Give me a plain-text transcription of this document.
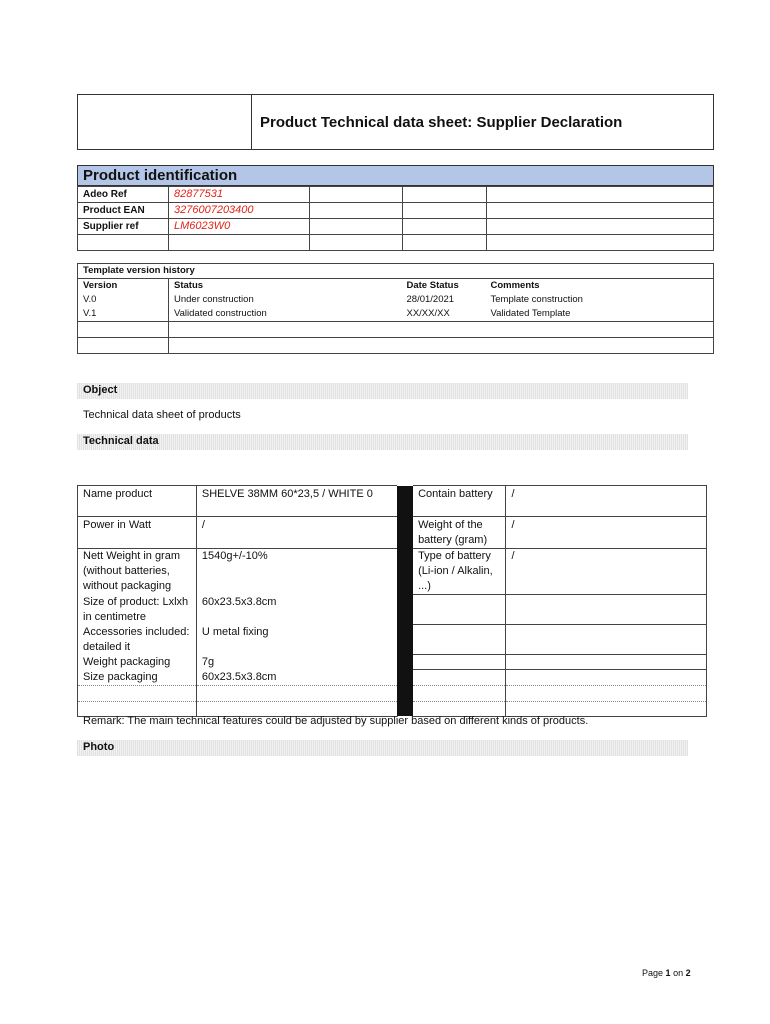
Product Technical data sheet: Supplier Declaration
Product identification
Adeo Ref	82877531			
Product EAN	3276007203400			
Supplier ref	LM6023W0			

Template version history			
Version	Status	Date Status	Comments
V.0	Under construction	28/01/2021	Template construction
V.1	Validated construction	XX/XX/XX	Validated Template

Object
Technical data sheet of products
Technical data
Name product	SHELVE 38MM 60*23,5 / WHITE 0		Contain battery	/
Power in Watt	/		Weight of the battery (gram)	/
Nett Weight in gram (without batteries, without packaging	1540g+/-10%		Type of battery (Li-ion / Alkalin, ...)	/
Size of product: Lxlxh in centimetre	60x23.5x3.8cm			
Accessories included: detailed it	U metal fixing			
Weight packaging	7g			
Size packaging	60x23.5x3.8cm			

Remark: The main technical features could be adjusted by supplier based on different kinds of products.
Photo
Page 1 on 2
